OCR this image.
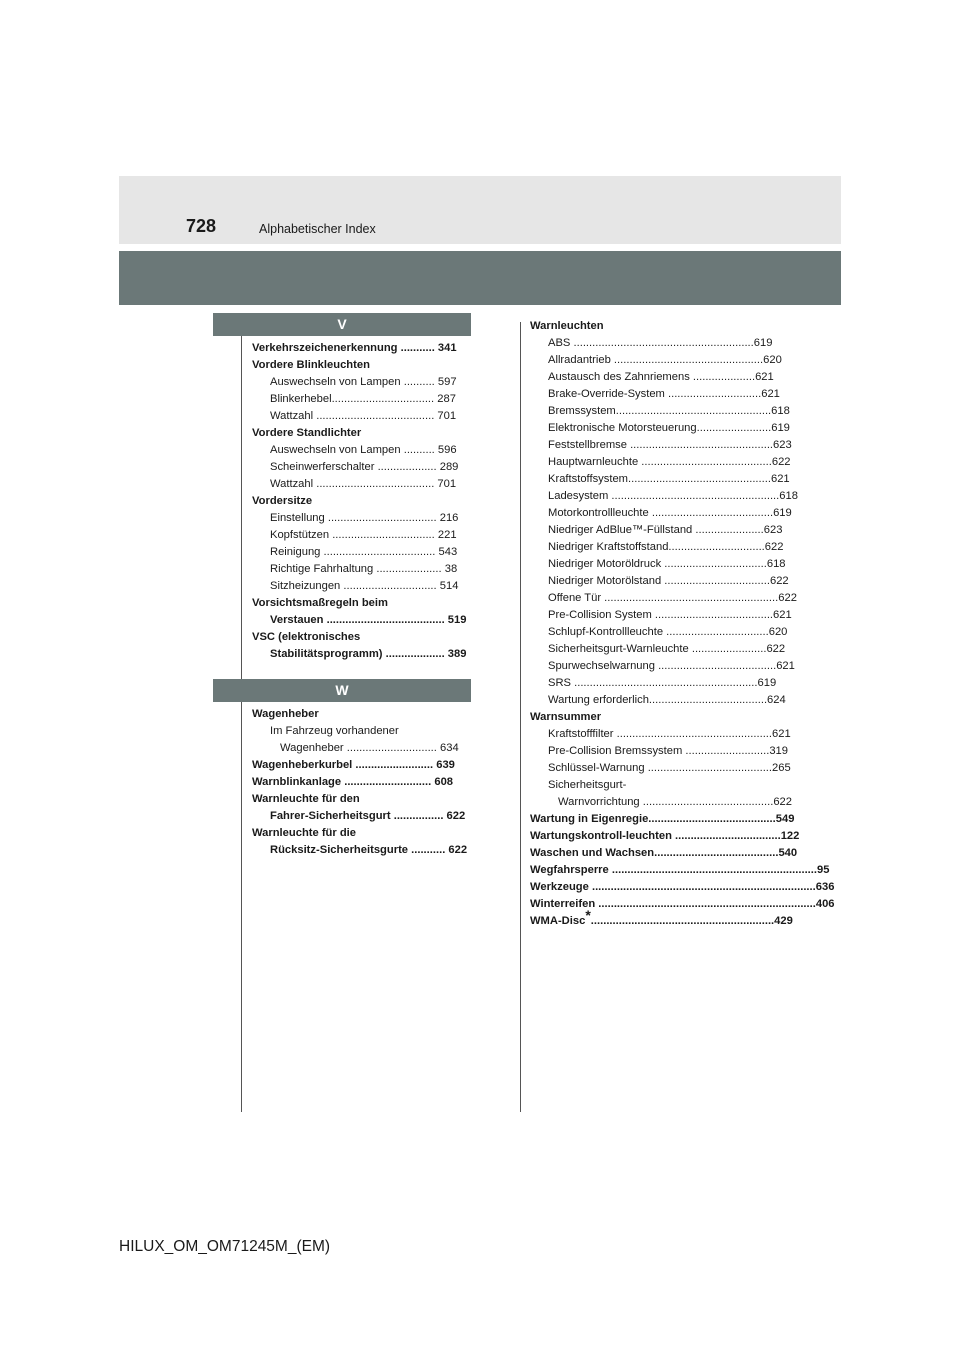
728	Alphabetischer Index
V
Verkehrszeichenerkennung ........... 341
Vordere Blinkleuchten
Auswechseln von Lampen .......... 597
Blinkerhebel................................. 287
Wattzahl ...................................... 701
Vordere Standlichter
Auswechseln von Lampen .......... 596
Scheinwerferschalter ................... 289
Wattzahl ...................................... 701
Vordersitze
Einstellung ................................... 216
Kopfstützen ................................. 221
Reinigung .................................... 543
Richtige Fahrhaltung ..................... 38
Sitzheizungen .............................. 514
Vorsichtsmaßregeln beim
Verstauen ...................................... 519
VSC (elektronisches
Stabilitätsprogramm) ................... 389
W
Wagenheber
Im Fahrzeug vorhandener
Wagenheber ............................. 634
Wagenheberkurbel ......................... 639
Warnblinkanlage ............................ 608
Warnleuchte für den
Fahrer-Sicherheitsgurt ................ 622
Warnleuchte für die
Rücksitz-Sicherheitsgurte ........... 622
Warnleuchten
ABS .......................................................... 619
Allradantrieb ................................................ 620
Austausch des Zahnriemens .................... 621
Brake-Override-System .............................. 621
Bremssystem.................................................. 618
Elektronische Motorsteuerung........................ 619
Feststellbremse .............................................. 623
Hauptwarnleuchte .......................................... 622
Kraftstoffsystem.............................................. 621
Ladesystem ...................................................... 618
Motorkontrollleuchte ....................................... 619
Niedriger AdBlue™-Füllstand ...................... 623
Niedriger Kraftstoffstand............................... 622
Niedriger Motoröldruck ................................. 618
Niedriger Motorölstand .................................. 622
Offene Tür ........................................................ 622
Pre-Collision System ...................................... 621
Schlupf-Kontrollleuchte ................................. 620
Sicherheitsgurt-Warnleuchte ........................ 622
Spurwechselwarnung ...................................... 621
SRS ........................................................... 619
Wartung erforderlich...................................... 624
Warnsummer
Kraftstofffilter .................................................. 621
Pre-Collision Bremssystem ........................... 319
Schlüssel-Warnung ........................................ 265
Sicherheitsgurt-
Warnvorrichtung .......................................... 622
Wartung in Eigenregie......................................... 549
Wartungskontroll-leuchten .................................. 122
Waschen und Wachsen........................................ 540
Wegfahrsperre .................................................................. 95
Werkzeuge ........................................................................ 636
Winterreifen ...................................................................... 406
WMA-Disc*........................................................... 429
HILUX_OM_OM71245M_(EM)
